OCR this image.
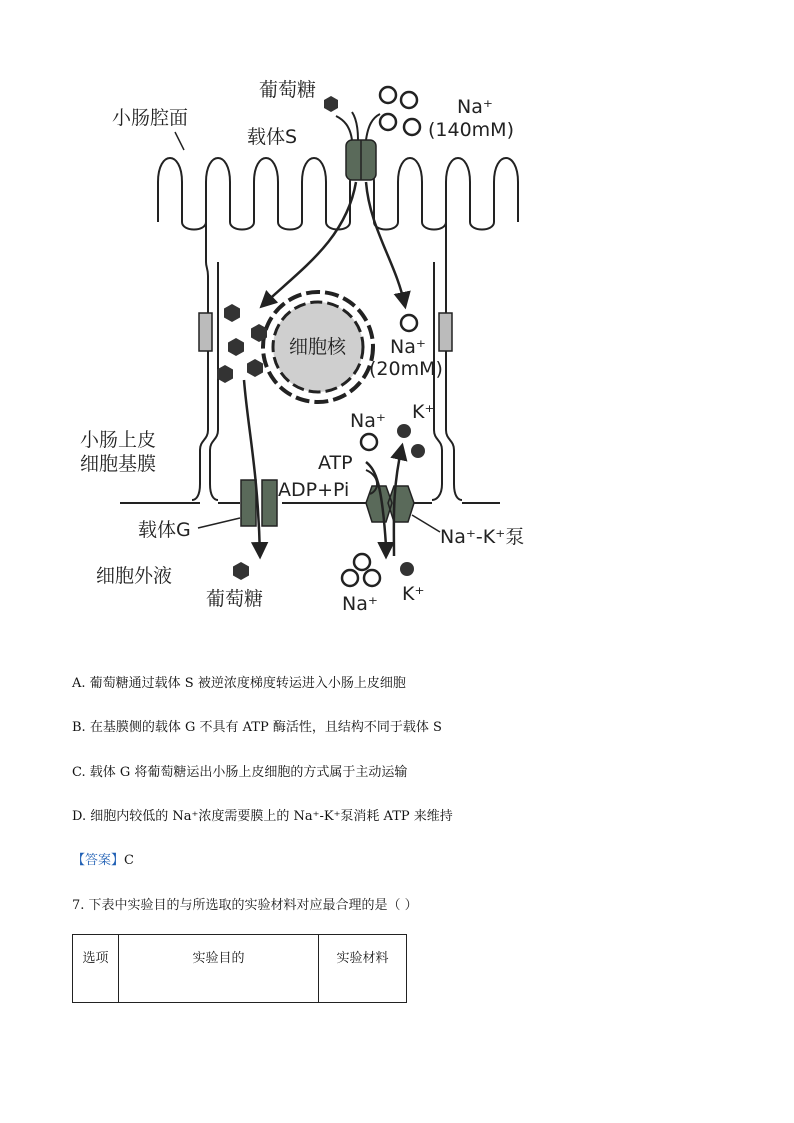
葡萄糖
小肠腔面
载体S
Na⁺
(140mM)
细胞核 Na⁺
(20mM)
Na⁺ K⁺
ATP
ADP+Pi
小肠上皮
细胞基膜
载体G	Na⁺-K⁺泵
细胞外液
葡萄糖	Na⁺ K⁺
A. 葡萄糖通过载体 S 被逆浓度梯度转运进入小肠上皮细胞
B. 在基膜侧的载体 G 不具有 ATP 酶活性，且结构不同于载体 S
C. 载体 G 将葡萄糖运出小肠上皮细胞的方式属于主动运输
D. 细胞内较低的 Na⁺浓度需要膜上的 Na⁺-K⁺泵消耗 ATP 来维持
【答案】C
7. 下表中实验目的与所选取的实验材料对应最合理的是（ ）
选项	实验目的	实验材料
